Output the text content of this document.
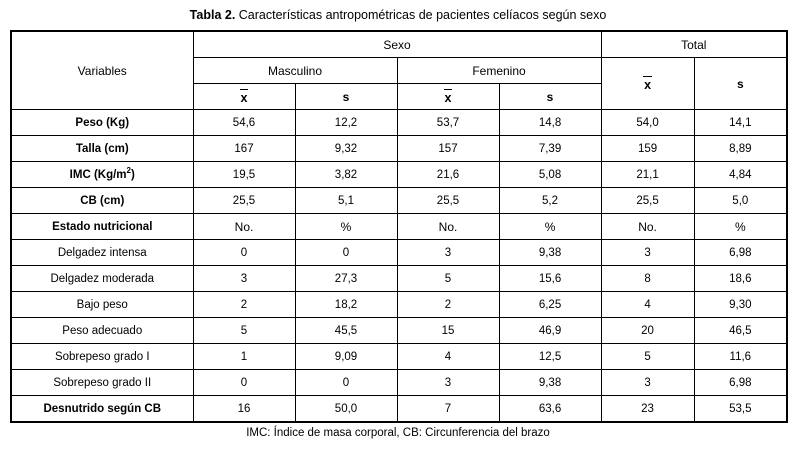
Tabla 2. Características antropométricas de pacientes celíacos según sexo
Variables	Sexo				Total	
	Masculino		Femenino		x	s
	x	s	x	s		
Peso (Kg)	54,6	12,2	53,7	14,8	54,0	14,1
Talla (cm)	167	9,32	157	7,39	159	8,89
IMC $(Kg/m^2)$	19,5	3,82	21,6	5,08	21,1	4,84
CB (cm)	25,5	5,1	25,5	5,2	25,5	5,0
Estado nutricional	No.	%	No.	%	No.	%
Delgadez intensa	0	0	3	9,38	3	6,98
Delgadez moderada	3	27,3	5	15,6	8	18,6
Bajo peso	2	18,2	2	6,25	4	9,30
Peso adecuado	5	45,5	15	46,9	20	46,5
Sobrepeso grado I	1	9,09	4	12,5	5	11,6
Sobrepeso grado II	0	0	3	9,38	3	6,98
Desnutrido según CB	16	50,0	7	63,6	23	53,5
IMC: Índice de masa corporal, CB: Circunferencia del brazo
